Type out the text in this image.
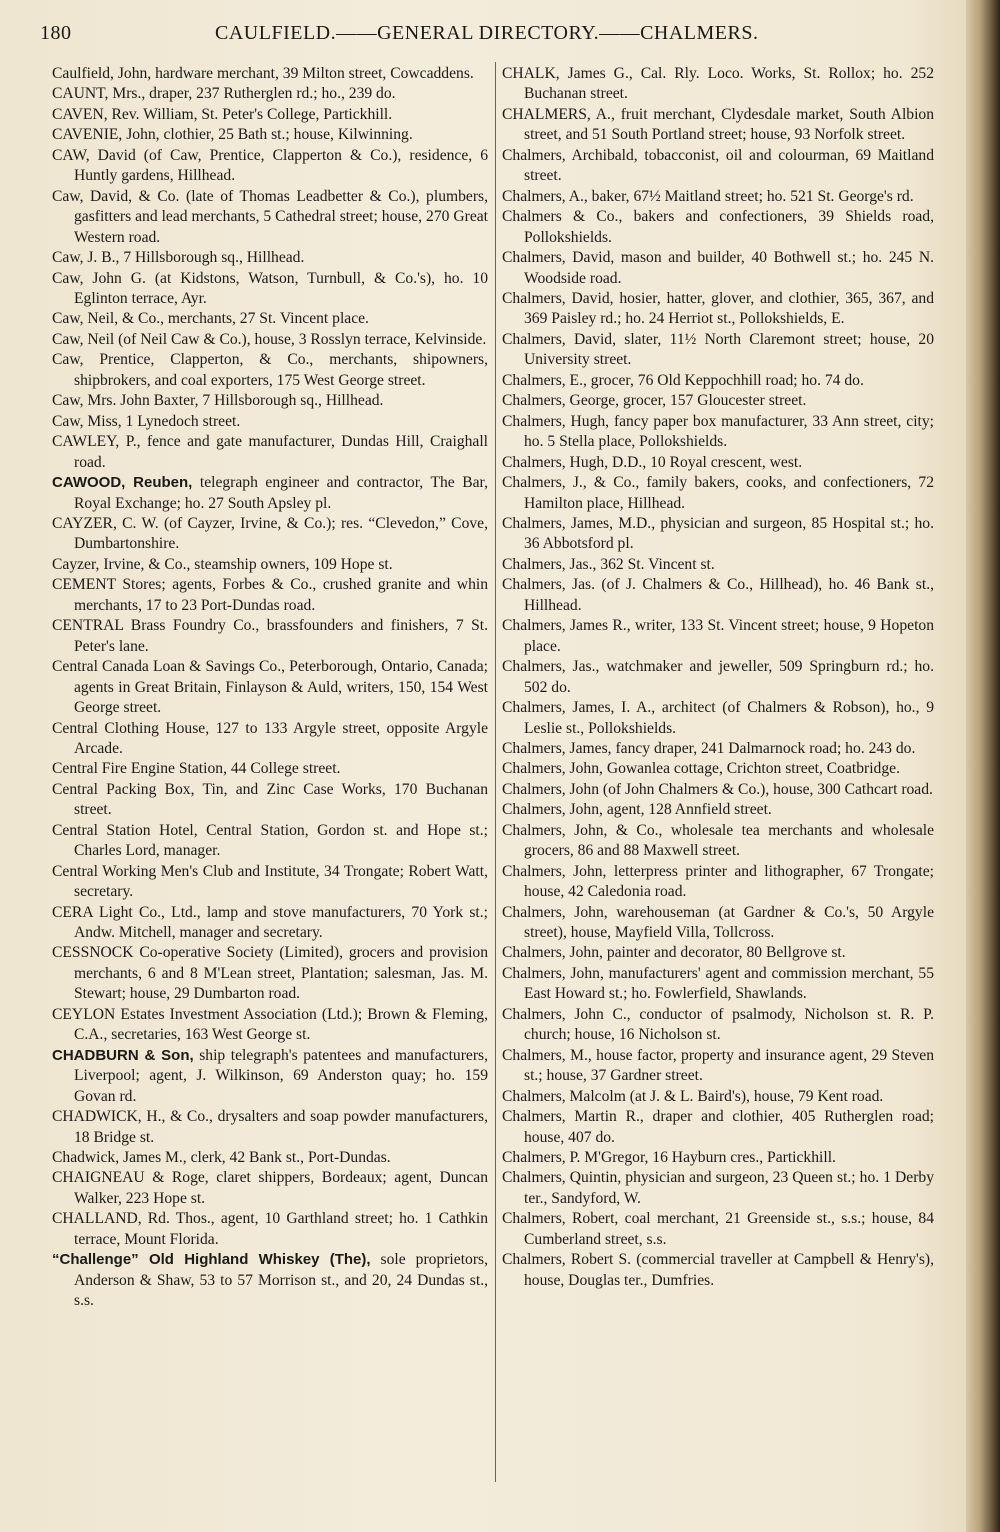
180	CAULFIELD.——GENERAL DIRECTORY.——CHALMERS.

Caulfield, John, hardware merchant, 39 Milton street, Cowcaddens.

CAUNT, Mrs., draper, 237 Rutherglen rd.; ho., 239 do.

CAVEN, Rev. William, St. Peter's College, Partickhill.

CAVENIE, John, clothier, 25 Bath st.; house, Kilwinning.

CAW, David (of Caw, Prentice, Clapperton & Co.), residence, 6 Huntly gardens, Hillhead.

Caw, David, & Co. (late of Thomas Leadbetter & Co.), plumbers, gasfitters and lead merchants, 5 Cathedral street; house, 270 Great Western road.

Caw, J. B., 7 Hillsborough sq., Hillhead.

Caw, John G. (at Kidstons, Watson, Turnbull, & Co.'s), ho. 10 Eglinton terrace, Ayr.

Caw, Neil, & Co., merchants, 27 St. Vincent place.

Caw, Neil (of Neil Caw & Co.), house, 3 Rosslyn terrace, Kelvinside.

Caw, Prentice, Clapperton, & Co., merchants, shipowners, shipbrokers, and coal exporters, 175 West George street.

Caw, Mrs. John Baxter, 7 Hillsborough sq., Hillhead.

Caw, Miss, 1 Lynedoch street.

CAWLEY, P., fence and gate manufacturer, Dundas Hill, Craighall road.

CAWOOD, Reuben, telegraph engineer and contractor, The Bar, Royal Exchange; ho. 27 South Apsley pl.

CAYZER, C. W. (of Cayzer, Irvine, & Co.); res. “Clevedon,” Cove, Dumbartonshire.

Cayzer, Irvine, & Co., steamship owners, 109 Hope st.

CEMENT Stores; agents, Forbes & Co., crushed granite and whin merchants, 17 to 23 Port-Dundas road.

CENTRAL Brass Foundry Co., brassfounders and finishers, 7 St. Peter's lane.

Central Canada Loan & Savings Co., Peterborough, Ontario, Canada; agents in Great Britain, Finlayson & Auld, writers, 150, 154 West George street.

Central Clothing House, 127 to 133 Argyle street, opposite Argyle Arcade.

Central Fire Engine Station, 44 College street.

Central Packing Box, Tin, and Zinc Case Works, 170 Buchanan street.

Central Station Hotel, Central Station, Gordon st. and Hope st.; Charles Lord, manager.

Central Working Men's Club and Institute, 34 Trongate; Robert Watt, secretary.

CERA Light Co., Ltd., lamp and stove manufacturers, 70 York st.; Andw. Mitchell, manager and secretary.

CESSNOCK Co-operative Society (Limited), grocers and provision merchants, 6 and 8 M'Lean street, Plantation; salesman, Jas. M. Stewart; house, 29 Dumbarton road.

CEYLON Estates Investment Association (Ltd.); Brown & Fleming, C.A., secretaries, 163 West George st.

CHADBURN & Son, ship telegraph's patentees and manufacturers, Liverpool; agent, J. Wilkinson, 69 Anderston quay; ho. 159 Govan rd.

CHADWICK, H., & Co., drysalters and soap powder manufacturers, 18 Bridge st.

Chadwick, James M., clerk, 42 Bank st., Port-Dundas.

CHAIGNEAU & Roge, claret shippers, Bordeaux; agent, Duncan Walker, 223 Hope st.

CHALLAND, Rd. Thos., agent, 10 Garthland street; ho. 1 Cathkin terrace, Mount Florida.

“Challenge” Old Highland Whiskey (The), sole proprietors, Anderson & Shaw, 53 to 57 Morrison st., and 20, 24 Dundas st., s.s.

CHALK, James G., Cal. Rly. Loco. Works, St. Rollox; ho. 252 Buchanan street.

CHALMERS, A., fruit merchant, Clydesdale market, South Albion street, and 51 South Portland street; house, 93 Norfolk street.

Chalmers, Archibald, tobacconist, oil and colourman, 69 Maitland street.

Chalmers, A., baker, 67½ Maitland street; ho. 521 St. George's rd.

Chalmers & Co., bakers and confectioners, 39 Shields road, Pollokshields.

Chalmers, David, mason and builder, 40 Bothwell st.; ho. 245 N. Woodside road.

Chalmers, David, hosier, hatter, glover, and clothier, 365, 367, and 369 Paisley rd.; ho. 24 Herriot st., Pollokshields, E.

Chalmers, David, slater, 11½ North Claremont street; house, 20 University street.

Chalmers, E., grocer, 76 Old Keppochhill road; ho. 74 do.

Chalmers, George, grocer, 157 Gloucester street.

Chalmers, Hugh, fancy paper box manufacturer, 33 Ann street, city; ho. 5 Stella place, Pollokshields.

Chalmers, Hugh, D.D., 10 Royal crescent, west.

Chalmers, J., & Co., family bakers, cooks, and confectioners, 72 Hamilton place, Hillhead.

Chalmers, James, M.D., physician and surgeon, 85 Hospital st.; ho. 36 Abbotsford pl.

Chalmers, Jas., 362 St. Vincent st.

Chalmers, Jas. (of J. Chalmers & Co., Hillhead), ho. 46 Bank st., Hillhead.

Chalmers, James R., writer, 133 St. Vincent street; house, 9 Hopeton place.

Chalmers, Jas., watchmaker and jeweller, 509 Springburn rd.; ho. 502 do.

Chalmers, James, I. A., architect (of Chalmers & Robson), ho., 9 Leslie st., Pollokshields.

Chalmers, James, fancy draper, 241 Dalmarnock road; ho. 243 do.

Chalmers, John, Gowanlea cottage, Crichton street, Coatbridge.

Chalmers, John (of John Chalmers & Co.), house, 300 Cathcart road.

Chalmers, John, agent, 128 Annfield street.

Chalmers, John, & Co., wholesale tea merchants and wholesale grocers, 86 and 88 Maxwell street.

Chalmers, John, letterpress printer and lithographer, 67 Trongate; house, 42 Caledonia road.

Chalmers, John, warehouseman (at Gardner & Co.'s, 50 Argyle street), house, Mayfield Villa, Tollcross.

Chalmers, John, painter and decorator, 80 Bellgrove st.

Chalmers, John, manufacturers' agent and commission merchant, 55 East Howard st.; ho. Fowlerfield, Shawlands.

Chalmers, John C., conductor of psalmody, Nicholson st. R. P. church; house, 16 Nicholson st.

Chalmers, M., house factor, property and insurance agent, 29 Steven st.; house, 37 Gardner street.

Chalmers, Malcolm (at J. & L. Baird's), house, 79 Kent road.

Chalmers, Martin R., draper and clothier, 405 Rutherglen road; house, 407 do.

Chalmers, P. M'Gregor, 16 Hayburn cres., Partickhill.

Chalmers, Quintin, physician and surgeon, 23 Queen st.; ho. 1 Derby ter., Sandyford, W.

Chalmers, Robert, coal merchant, 21 Greenside st., s.s.; house, 84 Cumberland street, s.s.

Chalmers, Robert S. (commercial traveller at Campbell & Henry's), house, Douglas ter., Dumfries.
